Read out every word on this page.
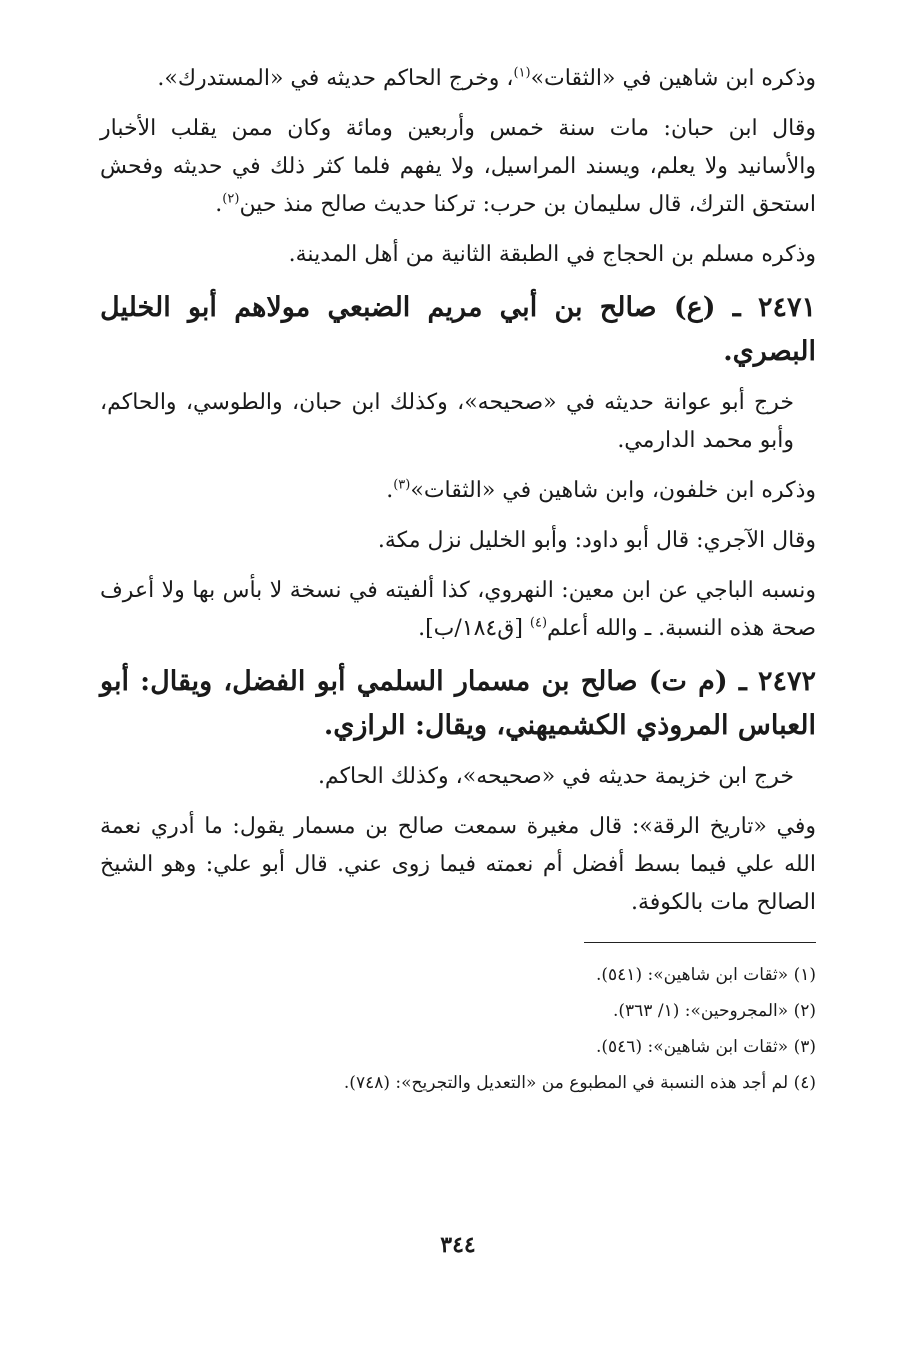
وذكره ابن شاهين في «الثقات»$^{(١)}$، وخرج الحاكم حديثه في «المستدرك».

وقال ابن حبان: مات سنة خمس وأربعين ومائة وكان ممن يقلب الأخبار والأسانيد ولا يعلم، ويسند المراسيل، ولا يفهم فلما كثر ذلك في حديثه وفحش استحق الترك، قال سليمان بن حرب: تركنا حديث صالح منذ حين$^{(٢)}$.

وذكره مسلم بن الحجاج في الطبقة الثانية من أهل المدينة.

٢٤٧١ ـ (ع) صالح بن أبي مريم الضبعي مولاهم أبو الخليل البصري.

خرج أبو عوانة حديثه في «صحيحه»، وكذلك ابن حبان، والطوسي، والحاكم، وأبو محمد الدارمي.

وذكره ابن خلفون، وابن شاهين في «الثقات»$^{(٣)}$.

وقال الآجري: قال أبو داود: وأبو الخليل نزل مكة.

ونسبه الباجي عن ابن معين: النهروي، كذا ألفيته في نسخة لا بأس بها ولا أعرف صحة هذه النسبة. ـ والله أعلم$^{(٤)}$ [ق١٨٤/ب].

٢٤٧٢ ـ (م ت) صالح بن مسمار السلمي أبو الفضل، ويقال: أبو العباس المروذي الكشميهني، ويقال: الرازي.

خرج ابن خزيمة حديثه في «صحيحه»، وكذلك الحاكم.

وفي «تاريخ الرقة»: قال مغيرة سمعت صالح بن مسمار يقول: ما أدري نعمة الله علي فيما بسط أفضل أم نعمته فيما زوى عني. قال أبو علي: وهو الشيخ الصالح مات بالكوفة.

(١) «ثقات ابن شاهين»: (٥٤١).

(٢) «المجروحين»: (١/ ٣٦٣).

(٣) «ثقات ابن شاهين»: (٥٤٦).

(٤) لم أجد هذه النسبة في المطبوع من «التعديل والتجريح»: (٧٤٨).

٣٤٤
